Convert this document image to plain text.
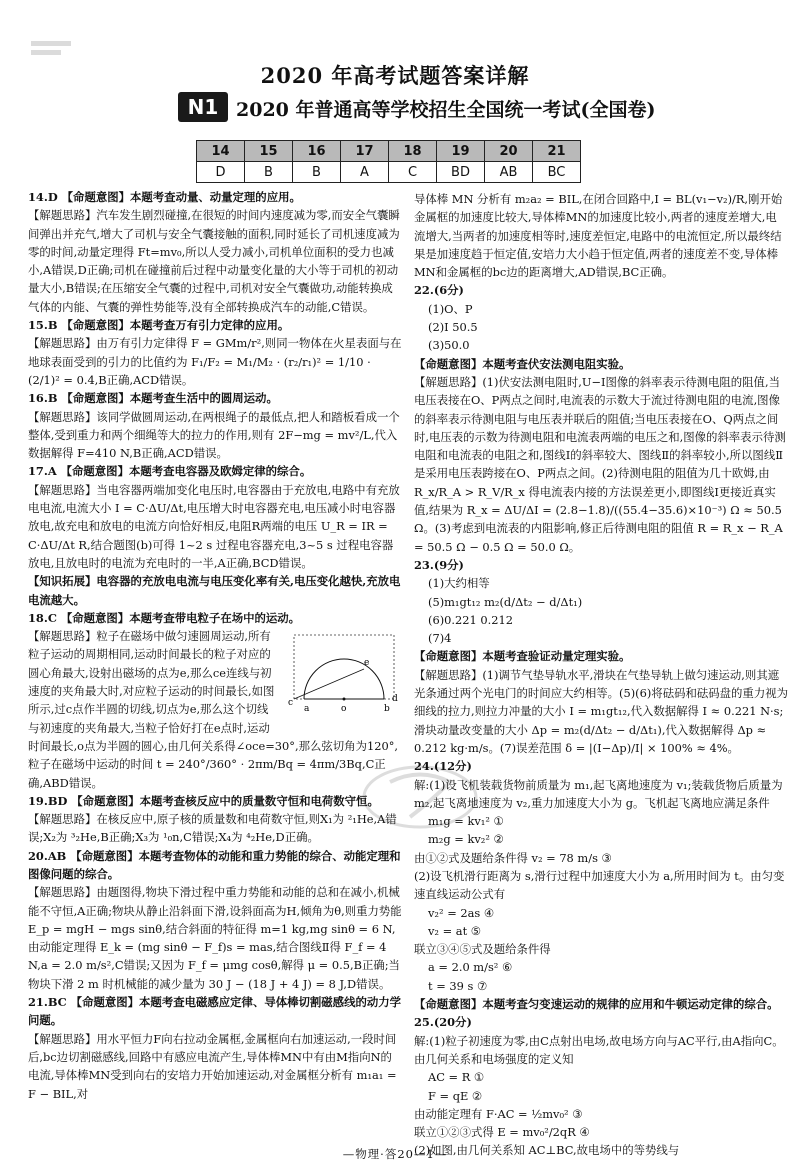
2020 年高考试题答案详解
N1 2020 年普通高等学校招生全国统一考试(全国卷)
14	15	16	17	18	19	20	21
D	B	B	A	C	BD	AB	BC

14.D 【命题意图】本题考查动量、动量定理的应用。

【解题思路】汽车发生剧烈碰撞,在很短的时间内速度减为零,而安全气囊瞬间弹出并充气,增大了司机与安全气囊接触的面积,同时延长了司机速度减为零的时间,动量定理得 Ft=mv₀,所以人受力减小,司机单位面积的受力也减小,A错误,D正确;司机在碰撞前后过程中动量变化量的大小等于司机的初动量大小,B错误;在压缩安全气囊的过程中,司机对安全气囊做功,动能转换成气体的内能、气囊的弹性势能等,没有全部转换成汽车的动能,C错误。

15.B 【命题意图】本题考查万有引力定律的应用。

【解题思路】由万有引力定律得 F = GMm/r²,则同一物体在火星表面与在地球表面受到的引力的比值约为 F₁/F₂ = M₁/M₂ · (r₂/r₁)² = 1/10 · (2/1)² = 0.4,B正确,ACD错误。

16.B 【命题意图】本题考查生活中的圆周运动。

【解题思路】该同学做圆周运动,在两根绳子的最低点,把人和踏板看成一个整体,受到重力和两个细绳等大的拉力的作用,则有 2F−mg = mv²/L,代入数据解得 F=410 N,B正确,ACD错误。

17.A 【命题意图】本题考查电容器及欧姆定律的综合。

【解题思路】当电容器两端加变化电压时,电容器由于充放电,电路中有充放电电流,电流大小 I = C·ΔU/Δt,电压增大时电容器充电,电压减小时电容器放电,故充电和放电的电流方向恰好相反,电阻R两端的电压 U_R = IR = C·ΔU/Δt R,结合题图(b)可得 1~2 s 过程电容器充电,3~5 s 过程电容器放电,且放电时的电流为充电时的一半,A正确,BCD错误。

【知识拓展】电容器的充放电电流与电压变化率有关,电压变化越快,充放电电流越大。

18.C 【命题意图】本题考查带电粒子在场中的运动。

c
o
a	b
d
e

【解题思路】粒子在磁场中做匀速圆周运动,所有粒子运动的周期相同,运动时间最长的粒子对应的圆心角最大,设射出磁场的点为e,那么ce连线与初速度的夹角最大时,对应粒子运动的时间最长,如图所示,过c点作半圆的切线,切点为e,那么这个切线与初速度的夹角最大,当粒子恰好打在e点时,运动时间最长,o点为半圆的圆心,由几何关系得∠oce=30°,那么弦切角为120°,粒子在磁场中运动的时间 t = 240°/360° · 2πm/Bq = 4πm/3Bq,C正确,ABD错误。

19.BD 【命题意图】本题考查核反应中的质量数守恒和电荷数守恒。

【解题思路】在核反应中,原子核的质量数和电荷数守恒,则X₁为 ²₁He,A错误;X₂为 ³₂He,B正确;X₃为 ¹₀n,C错误;X₄为 ⁴₂He,D正确。

20.AB 【命题意图】本题考查物体的动能和重力势能的综合、动能定理和图像问题的综合。

【解题思路】由题图得,物块下滑过程中重力势能和动能的总和在减小,机械能不守恒,A正确;物块从静止沿斜面下滑,设斜面高为H,倾角为θ,则重力势能 E_p = mgH − mgs sinθ,结合斜面的特征得 m=1 kg,mg sinθ = 6 N,由动能定理得 E_k = (mg sinθ − F_f)s = mas,结合图线Ⅱ得 F_f = 4 N,a = 2.0 m/s²,C错误;又因为 F_f = μmg cosθ,解得 μ = 0.5,B正确;当物块下滑 2 m 时机械能的减少量为 30 J − (18 J + 4 J) = 8 J,D错误。

21.BC 【命题意图】本题考查电磁感应定律、导体棒切割磁感线的动力学问题。

【解题思路】用水平恒力F向右拉动金属框,金属框向右加速运动,一段时间后,bc边切割磁感线,回路中有感应电流产生,导体棒MN中有由M指向N的电流,导体棒MN受到向右的安培力开始加速运动,对金属框分析有 m₁a₁ = F − BIL,对

导体棒 MN 分析有 m₂a₂ = BIL,在闭合回路中,I = BL(v₁−v₂)/R,刚开始金属框的加速度比较大,导体棒MN的加速度比较小,两者的速度差增大,电流增大,当两者的加速度相等时,速度差恒定,电路中的电流恒定,所以最终结果是加速度趋于恒定值,安培力大小趋于恒定值,两者的速度差不变,导体棒MN和金属框的bc边的距离增大,AD错误,BC正确。

22.(6分)

(1)O、P

(2)Ⅰ 50.5

(3)50.0

【命题意图】本题考查伏安法测电阻实验。

【解题思路】(1)伏安法测电阻时,U−I图像的斜率表示待测电阻的阻值,当电压表接在O、P两点之间时,电流表的示数大于流过待测电阻的电流,图像的斜率表示待测电阻与电压表并联后的阻值;当电压表接在O、Q两点之间时,电压表的示数为待测电阻和电流表两端的电压之和,图像的斜率表示待测电阻和电流表的电阻之和,图线Ⅰ的斜率较大、图线Ⅱ的斜率较小,所以图线Ⅱ是采用电压表跨接在O、P两点之间。(2)待测电阻的阻值为几十欧姆,由 R_x/R_A > R_V/R_x 得电流表内接的方法误差更小,即图线Ⅰ更接近真实值,结果为 R_x = ΔU/ΔI = (2.8−1.8)/((55.4−35.6)×10⁻³) Ω ≈ 50.5 Ω。(3)考虑到电流表的内阻影响,修正后待测电阻的阻值 R = R_x − R_A = 50.5 Ω − 0.5 Ω = 50.0 Ω。

23.(9分)

(1)大约相等

(5)m₁gt₁₂ m₂(d/Δt₂ − d/Δt₁)

(6)0.221 0.212

(7)4

【命题意图】本题考查验证动量定理实验。

【解题思路】(1)调节气垫导轨水平,滑块在气垫导轨上做匀速运动,则其遮光条通过两个光电门的时间应大约相等。(5)(6)将砝码和砝码盘的重力视为细线的拉力,则拉力冲量的大小 I = m₁gt₁₂,代入数据解得 I ≈ 0.221 N·s;滑块动量改变量的大小 Δp = m₂(d/Δt₂ − d/Δt₁),代入数据解得 Δp ≈ 0.212 kg·m/s。(7)误差范围 δ = |(I−Δp)/I| × 100% ≈ 4%。

24.(12分)

解:(1)设飞机装载货物前质量为 m₁,起飞离地速度为 v₁;装载货物后质量为 m₂,起飞离地速度为 v₂,重力加速度大小为 g。飞机起飞离地应满足条件

m₁g = kv₁² ①

m₂g = kv₂² ②

由①②式及题给条件得 v₂ = 78 m/s ③

(2)设飞机滑行距离为 s,滑行过程中加速度大小为 a,所用时间为 t。由匀变速直线运动公式有

v₂² = 2as ④

v₂ = at ⑤

联立③④⑤式及题给条件得

a = 2.0 m/s² ⑥

t = 39 s ⑦

【命题意图】本题考查匀变速运动的规律的应用和牛顿运动定律的综合。

25.(20分)

解:(1)粒子初速度为零,由C点射出电场,故电场方向与AC平行,由A指向C。由几何关系和电场强度的定义知

AC = R ①

F = qE ②

由动能定理有 F·AC = ½mv₀² ③

联立①②③式得 E = mv₀²/2qR ④

(2)如图,由几何关系知 AC⊥BC,故电场中的等势线与

—物理·答20—1—
